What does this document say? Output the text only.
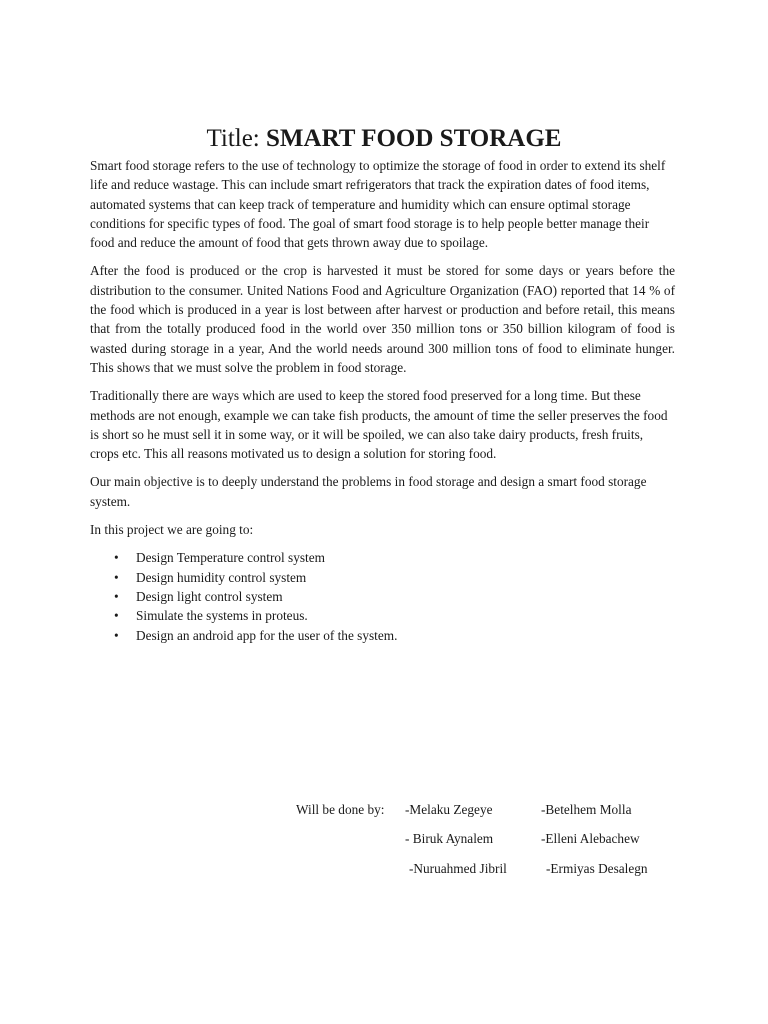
Title: SMART FOOD STORAGE

Smart food storage refers to the use of technology to optimize the storage of food in order to extend its shelf life and reduce wastage. This can include smart refrigerators that track the expiration dates of food items, automated systems that can keep track of temperature and humidity which can ensure optimal storage conditions for specific types of food. The goal of smart food storage is to help people better manage their food and reduce the amount of food that gets thrown away due to spoilage.

After the food is produced or the crop is harvested it must be stored for some days or years before the distribution to the consumer. United Nations Food and Agriculture Organization (FAO) reported that 14 % of the food which is produced in a year is lost between after harvest or production and before retail, this means that from the totally produced food in the world over 350 million tons or 350 billion kilogram of food is wasted during storage in a year, And the world needs around 300 million tons of food to eliminate hunger. This shows that we must solve the problem in food storage.

Traditionally there are ways which are used to keep the stored food preserved for a long time. But these methods are not enough, example we can take fish products, the amount of time the seller preserves the food is short so he must sell it in some way, or it will be spoiled, we can also take dairy products, fresh fruits, crops etc. This all reasons motivated us to design a solution for storing food.

Our main objective is to deeply understand the problems in food storage and design a smart food storage system.

In this project we are going to:

• Design Temperature control system
• Design humidity control system
• Design light control system
• Simulate the systems in proteus.
• Design an android app for the user of the system.
Will be done by: -Melaku Zegeye	-Betelhem Molla
- Biruk Aynalem	-Elleni Alebachew
-Nuruahmed Jibril	-Ermiyas Desalegn
